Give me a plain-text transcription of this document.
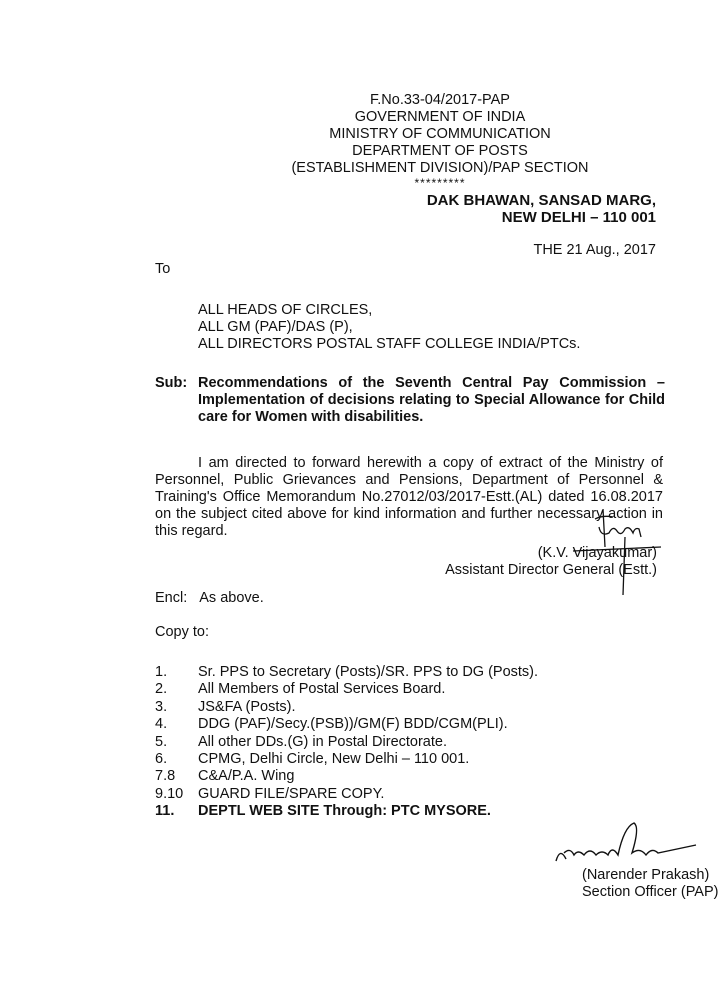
F.No.33-04/2017-PAP
GOVERNMENT OF INDIA
MINISTRY OF COMMUNICATION
DEPARTMENT OF POSTS
(ESTABLISHMENT DIVISION)/PAP SECTION
*********
DAK BHAWAN, SANSAD MARG,
NEW DELHI – 110 001
THE 21 Aug., 2017
To
ALL HEADS OF CIRCLES,
ALL GM (PAF)/DAS (P),
ALL DIRECTORS POSTAL STAFF COLLEGE INDIA/PTCs.
Sub: Recommendations of the Seventh Central Pay Commission – Implementation of decisions relating to Special Allowance for Child care for Women with disabilities.
I am directed to forward herewith a copy of extract of the Ministry of Personnel, Public Grievances and Pensions, Department of Personnel & Training's Office Memorandum No.27012/03/2017-Estt.(AL) dated 16.08.2017 on the subject cited above for kind information and further necessary action in this regard.
(K.V. Vijayakumar)
Assistant Director General (Estt.)
Encl: As above.
Copy to:
1. Sr. PPS to Secretary (Posts)/SR. PPS to DG (Posts).
2. All Members of Postal Services Board.
3. JS&FA (Posts).
4. DDG (PAF)/Secy.(PSB))/GM(F) BDD/CGM(PLI).
5. All other DDs.(G) in Postal Directorate.
6. CPMG, Delhi Circle, New Delhi – 110 001.
7.8 C&A/P.A. Wing
9.10 GUARD FILE/SPARE COPY.
11. DEPTL WEB SITE Through: PTC MYSORE.
(Narender Prakash)
Section Officer (PAP)
